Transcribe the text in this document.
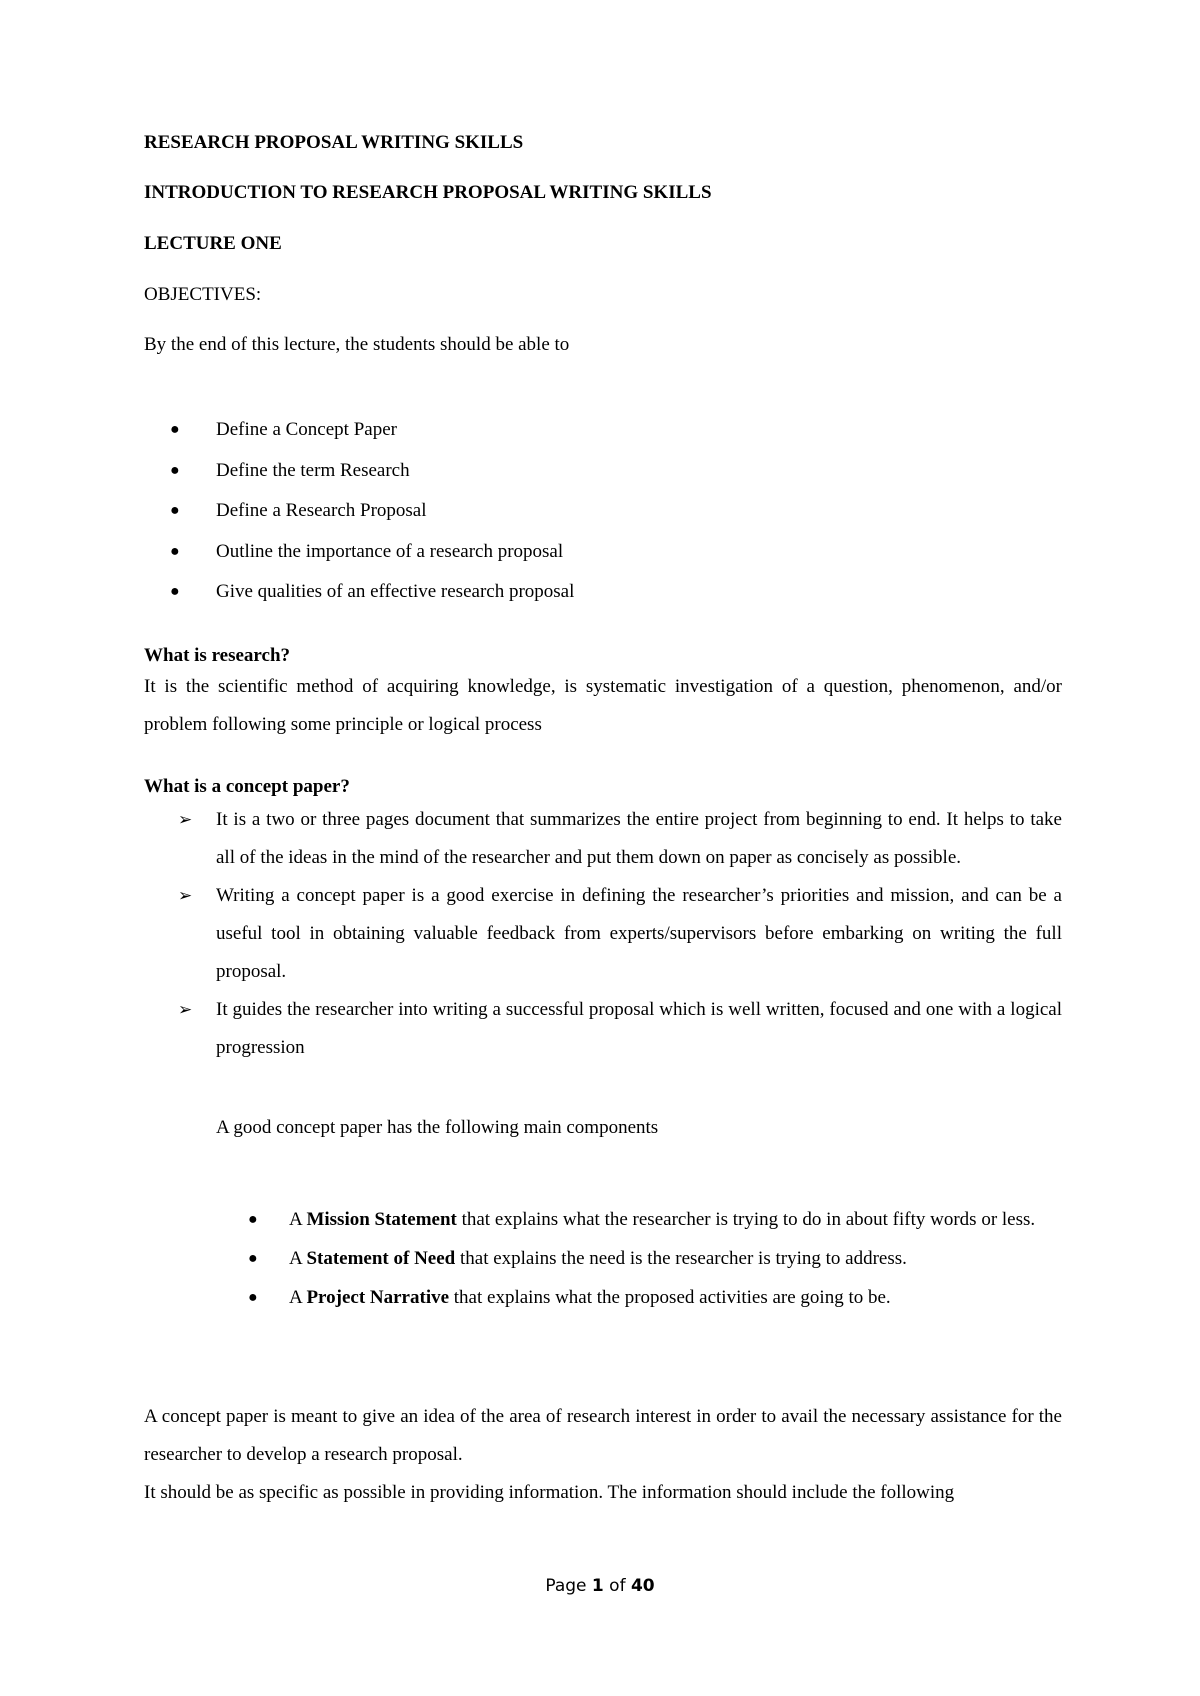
RESEARCH PROPOSAL WRITING SKILLS
INTRODUCTION TO RESEARCH PROPOSAL WRITING SKILLS
LECTURE ONE
OBJECTIVES:
By the end of this lecture, the students should be able to
●	Define a Concept Paper
●	Define the term Research
●	Define a Research Proposal
●	Outline the importance of a research proposal
●	Give qualities of an effective research proposal
What is research?
It is the scientific method of acquiring knowledge, is systematic investigation of a question, phenomenon, and/or problem following some principle or logical process
What is a concept paper?
➢ It is a two or three pages document that summarizes the entire project from beginning to end. It helps to take all of the ideas in the mind of the researcher and put them down on paper as concisely as possible.
➢ Writing a concept paper is a good exercise in defining the researcher’s priorities and mission, and can be a useful tool in obtaining valuable feedback from experts/supervisors before embarking on writing the full proposal.
➢ It guides the researcher into writing a successful proposal which is well written, focused and one with a logical progression
A good concept paper has the following main components
● A Mission Statement that explains what the researcher is trying to do in about fifty words or less.
● A Statement of Need that explains the need is the researcher is trying to address.
● A Project Narrative that explains what the proposed activities are going to be.
A concept paper is meant to give an idea of the area of research interest in order to avail the necessary assistance for the researcher to develop a research proposal.
It should be as specific as possible in providing information. The information should include the following
Page 1 of 40
